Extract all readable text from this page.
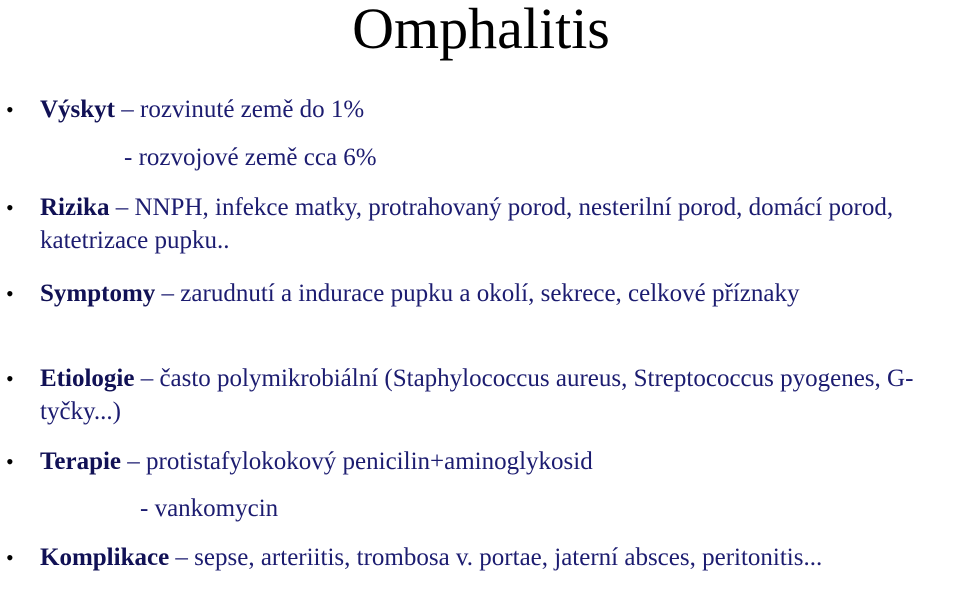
Omphalitis
• Výskyt – rozvinuté země do 1%
- rozvojové země cca 6%
• Rizika – NNPH, infekce matky, protrahovaný porod, nesterilní porod, domácí porod, katetrizace pupku..
• Symptomy – zarudnutí a indurace pupku a okolí, sekrece, celkové příznaky
• Etiologie – často polymikrobiální (Staphylococcus aureus, Streptococcus pyogenes, G- tyčky...)
• Terapie – protistafylokokový penicilin+aminoglykosid
- vankomycin
• Komplikace – sepse, arteriitis, trombosa v. portae, jaterní absces, peritonitis...
